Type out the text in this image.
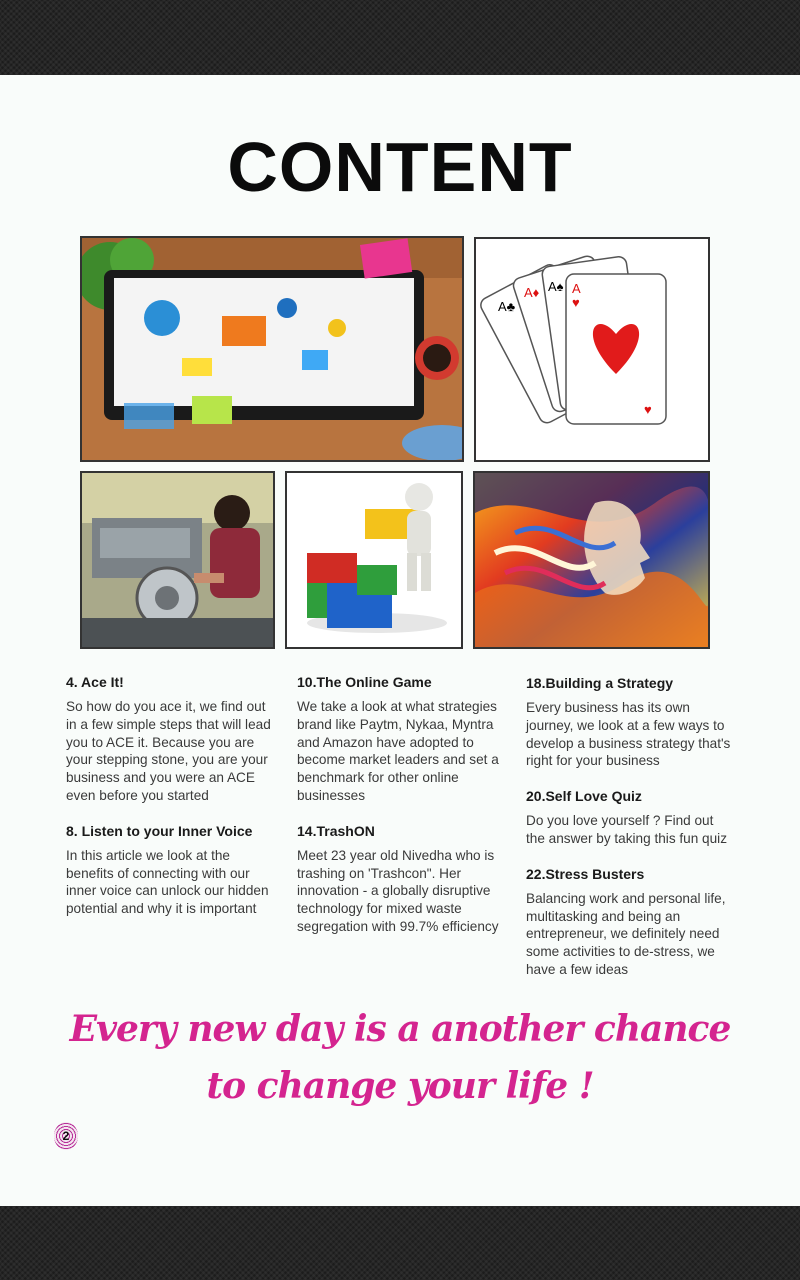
CONTENT
A♣
A♦ A♠ A
♥
♥
4. Ace It!

So how do you ace it, we find out in a few simple steps that will lead you to ACE it. Because you are your stepping stone, you are your business and you were an ACE even before you started

8. Listen to your Inner Voice

In this article we look at the benefits of connecting with our inner voice can unlock our hidden potential and why it is important

10.The Online Game

We take a look at what strategies brand like Paytm, Nykaa, Myntra and Amazon have adopted to become market leaders and set a benchmark for other online businesses

14.TrashON

Meet 23 year old Nivedha who is trashing on 'Trashcon". Her innovation - a globally disruptive technology for mixed waste segregation with 99.7% efficiency

18.Building a Strategy

Every business has its own journey, we look at a few ways to develop a business strategy that's right for your business

20.Self Love Quiz

Do you love yourself ? Find out the answer by taking this fun quiz

22.Stress Busters

Balancing work and personal life, multitasking and being an entrepreneur, we definitely need some activities to de-stress, we have a few ideas

Every new day is a another chance
to change your life !
2
